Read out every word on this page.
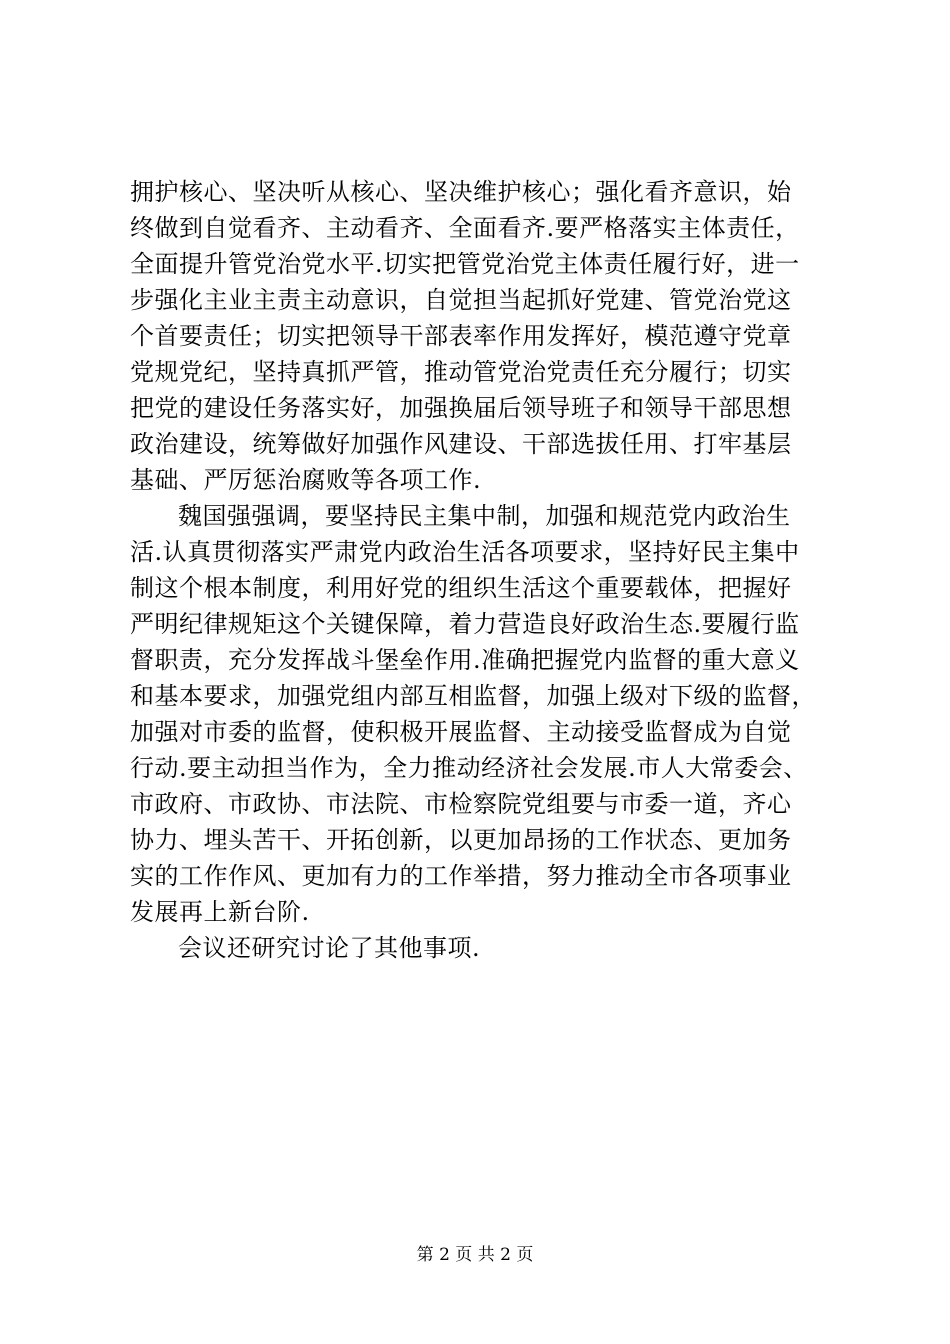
拥护核心、坚决听从核心、坚决维护核心；强化看齐意识，始
终做到自觉看齐、主动看齐、全面看齐.要严格落实主体责任，
全面提升管党治党水平.切实把管党治党主体责任履行好，进一
步强化主业主责主动意识，自觉担当起抓好党建、管党治党这
个首要责任；切实把领导干部表率作用发挥好，模范遵守党章
党规党纪，坚持真抓严管，推动管党治党责任充分履行；切实
把党的建设任务落实好，加强换届后领导班子和领导干部思想
政治建设，统筹做好加强作风建设、干部选拔任用、打牢基层
基础、严厉惩治腐败等各项工作.
魏国强强调，要坚持民主集中制，加强和规范党内政治生
活.认真贯彻落实严肃党内政治生活各项要求，坚持好民主集中
制这个根本制度，利用好党的组织生活这个重要载体，把握好
严明纪律规矩这个关键保障，着力营造良好政治生态.要履行监
督职责，充分发挥战斗堡垒作用.准确把握党内监督的重大意义
和基本要求，加强党组内部互相监督，加强上级对下级的监督，
加强对市委的监督，使积极开展监督、主动接受监督成为自觉
行动.要主动担当作为，全力推动经济社会发展.市人大常委会、
市政府、市政协、市法院、市检察院党组要与市委一道，齐心
协力、埋头苦干、开拓创新，以更加昂扬的工作状态、更加务
实的工作作风、更加有力的工作举措，努力推动全市各项事业
发展再上新台阶.
会议还研究讨论了其他事项.
第 2 页 共 2 页
